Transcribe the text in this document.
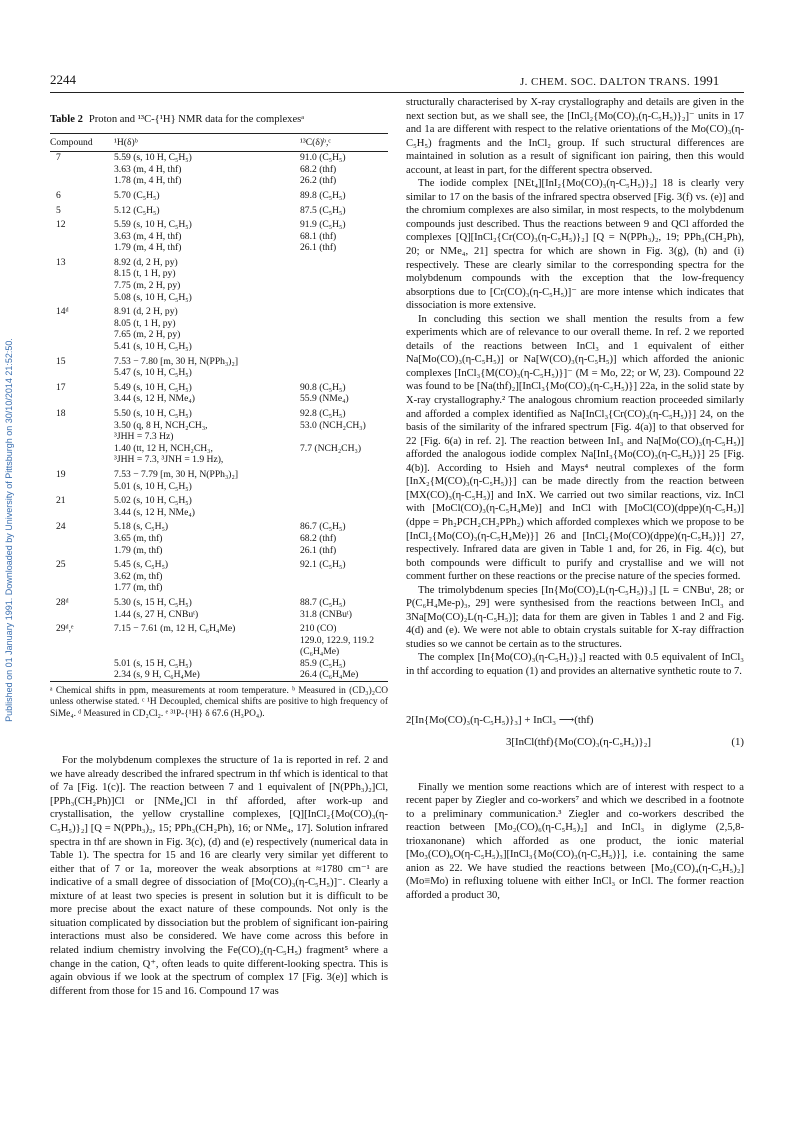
Published on 01 January 1991. Downloaded by University of Pittsburgh on 30/10/2014 21:52:50.
2244	J. CHEM. SOC. DALTON TRANS. 1991
Table 2 Proton and ¹³C-{¹H} NMR data for the complexesᵃ
Compound	¹H(δ)ᵇ	¹³C(δ)ᵇ,ᶜ
7	5.59 (s, 10 H, C₅H₅)	91.0 (C₅H₅)
	3.63 (m, 4 H, thf)	68.2 (thf)
	1.78 (m, 4 H, thf)	26.2 (thf)
6	5.70 (C₅H₅)	89.8 (C₅H₅)
5	5.12 (C₅H₅)	87.5 (C₅H₅)
12	5.59 (s, 10 H, C₅H₅)	91.9 (C₅H₅)
	3.63 (m, 4 H, thf)	68.1 (thf)
	1.79 (m, 4 H, thf)	26.1 (thf)
13	8.92 (d, 2 H, py)	
	8.15 (t, 1 H, py)	
	7.75 (m, 2 H, py)	
	5.08 (s, 10 H, C₅H₅)	
14ᵈ	8.91 (d, 2 H, py)	
	8.05 (t, 1 H, py)	
	7.65 (m, 2 H, py)	
	5.41 (s, 10 H, C₅H₅)	
15	7.53 − 7.80 [m, 30 H, N(PPh₃)₂]	
	5.47 (s, 10 H, C₅H₅)	
17	5.49 (s, 10 H, C₅H₅)	90.8 (C₅H₅)
	3.44 (s, 12 H, NMe₄)	55.9 (NMe₄)
18	5.50 (s, 10 H, C₅H₅)	92.8 (C₅H₅)
	3.50 (q, 8 H, NCH₂CH₃,	53.0 (NCH₂CH₃)
	³JHH = 7.3 Hz)	
	1.40 (tt, 12 H, NCH₂CH₃,	7.7 (NCH₂CH₃)
	³JHH = 7.3, ³JNH = 1.9 Hz),	
19	7.53 − 7.79 [m, 30 H, N(PPh₃)₂]	
	5.01 (s, 10 H, C₅H₅)	
21	5.02 (s, 10 H, C₅H₅)	
	3.44 (s, 12 H, NMe₄)	
24	5.18 (s, C₅H₅)	86.7 (C₅H₅)
	3.65 (m, thf)	68.2 (thf)
	1.79 (m, thf)	26.1 (thf)
25	5.45 (s, C₅H₅)	92.1 (C₅H₅)
	3.62 (m, thf)	
	1.77 (m, thf)	
28ᵈ	5.30 (s, 15 H, C₅H₅)	88.7 (C₅H₅)
	1.44 (s, 27 H, CNBuᵗ)	31.8 (CNBuᵗ)
29ᵈ,ᵉ	7.15 − 7.61 (m, 12 H, C₆H₄Me)	210 (CO)
		129.0, 122.9, 119.2
		(C₆H₄Me)
	5.01 (s, 15 H, C₅H₅)	85.9 (C₅H₅)
	2.34 (s, 9 H, C₆H₄Me)	26.4 (C₆H₄Me)
ᵃ Chemical shifts in ppm, measurements at room temperature. ᵇ Measured in (CD₃)₂CO unless otherwise stated. ᶜ ¹H Decoupled, chemical shifts are positive to high frequency of SiMe₄. ᵈ Measured in CD₂Cl₂. ᵉ ³¹P-{¹H} δ 67.6 (H₃PO₄).

For the molybdenum complexes the structure of 1a is reported in ref. 2 and we have already described the infrared spectrum in thf which is identical to that of 7a [Fig. 1(c)]. The reaction between 7 and 1 equivalent of [N(PPh₃)₂]Cl, [PPh₃(CH₂Ph)]Cl or [NMe₄]Cl in thf afforded, after work-up and crystallisation, the yellow crystalline complexes, [Q][InCl₂{Mo(CO)₃(η-C₅H₅)}₂] [Q = N(PPh₃)₂, 15; PPh₃(CH₂Ph), 16; or NMe₄, 17]. Solution infrared spectra in thf are shown in Fig. 3(c), (d) and (e) respectively (numerical data in Table 1). The spectra for 15 and 16 are clearly very similar yet different to either that of 7 or 1a, moreover the weak absorptions at ≈1780 cm⁻¹ are indicative of a small degree of dissociation of [Mo(CO)₃(η-C₅H₅)]⁻. Clearly a mixture of at least two species is present in solution but it is difficult to be more precise about the exact nature of these compounds. Not only is the situation complicated by dissociation but the problem of significant ion-pairing interactions must also be considered. We have come across this before in related indium chemistry involving the Fe(CO)₂(η-C₅H₅) fragment⁵ where a change in the cation, Q⁺, often leads to quite different-looking spectra. This is again obvious if we look at the spectrum of complex 17 [Fig. 3(e)] which is different from those for 15 and 16. Compound 17 was

structurally characterised by X-ray crystallography and details are given in the next section but, as we shall see, the [InCl₂{Mo(CO)₃(η-C₅H₅)}₂]⁻ units in 17 and 1a are different with respect to the relative orientations of the Mo(CO)₃(η-C₅H₅) fragments and the InCl₂ group. If such structural differences are maintained in solution as a result of significant ion pairing, then this would account, at least in part, for the different spectra observed.

The iodide complex [NEt₄][InI₂{Mo(CO)₃(η-C₅H₅)}₂] 18 is clearly very similar to 17 on the basis of the infrared spectra observed [Fig. 3(f) vs. (e)] and the chromium complexes are also similar, in most respects, to the molybdenum compounds just described. Thus the reactions between 9 and QCl afforded the complexes [Q][InCl₂{Cr(CO)₃(η-C₅H₅)}₂] [Q = N(PPh₃)₂, 19; PPh₃(CH₂Ph), 20; or NMe₄, 21] spectra for which are shown in Fig. 3(g), (h) and (i) respectively. These are clearly similar to the corresponding spectra for the molybdenum compounds with the exception that the low-frequency absorptions due to [Cr(CO)₃(η-C₅H₅)]⁻ are more intense which indicates that dissociation is more extensive.

In concluding this section we shall mention the results from a few experiments which are of relevance to our overall theme. In ref. 2 we reported details of the reactions between InCl₃ and 1 equivalent of either Na[Mo(CO)₃(η-C₅H₅)] or Na[W(CO)₃(η-C₅H₅)] which afforded the anionic complexes [InCl₃{M(CO)₃(η-C₅H₅)}]⁻ (M = Mo, 22; or W, 23). Compound 22 was found to be [Na(thf)₂][InCl₃{Mo(CO)₃(η-C₅H₅)}] 22a, in the solid state by X-ray crystallography.² The analogous chromium reaction proceeded similarly and afforded a complex identified as Na[InCl₃{Cr(CO)₃(η-C₅H₅)}] 24, on the basis of the similarity of the infrared spectrum [Fig. 4(a)] to that observed for 22 [Fig. 6(a) in ref. 2]. The reaction between InI₃ and Na[Mo(CO)₃(η-C₅H₅)] afforded the analogous iodide complex Na[InI₃{Mo(CO)₃(η-C₅H₅)}] 25 [Fig. 4(b)]. According to Hsieh and Mays⁴ neutral complexes of the form [InX₂{M(CO)₃(η-C₅H₅)}] can be made directly from the reaction between [MX(CO)₃(η-C₅H₅)] and InX. We carried out two similar reactions, viz. InCl with [MoCl(CO)₃(η-C₅H₄Me)] and InCl with [MoCl(CO)(dppe)(η-C₅H₅)] (dppe = Ph₂PCH₂CH₂PPh₂) which afforded complexes which we propose to be [InCl₂{Mo(CO)₃(η-C₅H₄Me)}] 26 and [InCl₂{Mo(CO)(dppe)(η-C₅H₅)}] 27, respectively. Infrared data are given in Table 1 and, for 26, in Fig. 4(c), but both compounds were difficult to purify and crystallise and we will not comment further on these reactions or the precise nature of the species formed.

The trimolybdenum species [In{Mo(CO)₂L(η-C₅H₅)}₃] [L = CNBuᵗ, 28; or P(C₆H₄Me-p)₃, 29] were synthesised from the reactions between InCl₃ and 3Na[Mo(CO)₂L(η-C₅H₅)]; data for them are given in Tables 1 and 2 and Fig. 4(d) and (e). We were not able to obtain crystals suitable for X-ray diffraction studies so we cannot be certain as to the structures.

The complex [In{Mo(CO)₃(η-C₅H₅)}₃] reacted with 0.5 equivalent of InCl₃ in thf according to equation (1) and provides an alternative synthetic route to 7.

2[In{Mo(CO)₃(η-C₅H₅)}₃] + InCl₃ ⟶(thf)
3[InCl(thf){Mo(CO)₃(η-C₅H₅)}₂]	(1)

Finally we mention some reactions which are of interest with respect to a recent paper by Ziegler and co-workers⁷ and which we described in a footnote to a preliminary communication.³ Ziegler and co-workers described the reaction between [Mo₂(CO)₆(η-C₅H₅)₂] and InCl₃ in diglyme (2,5,8-trioxanonane) which afforded as one product, the ionic material [Mo₃(CO)₆O(η-C₅H₅)₃][InCl₃{Mo(CO)₃(η-C₅H₅)}], i.e. containing the same anion as 22. We have studied the reactions between [Mo₂(CO)₄(η-C₅H₅)₂] (Mo≡Mo) in refluxing toluene with either InCl₃ or InCl. The former reaction afforded a product 30,
